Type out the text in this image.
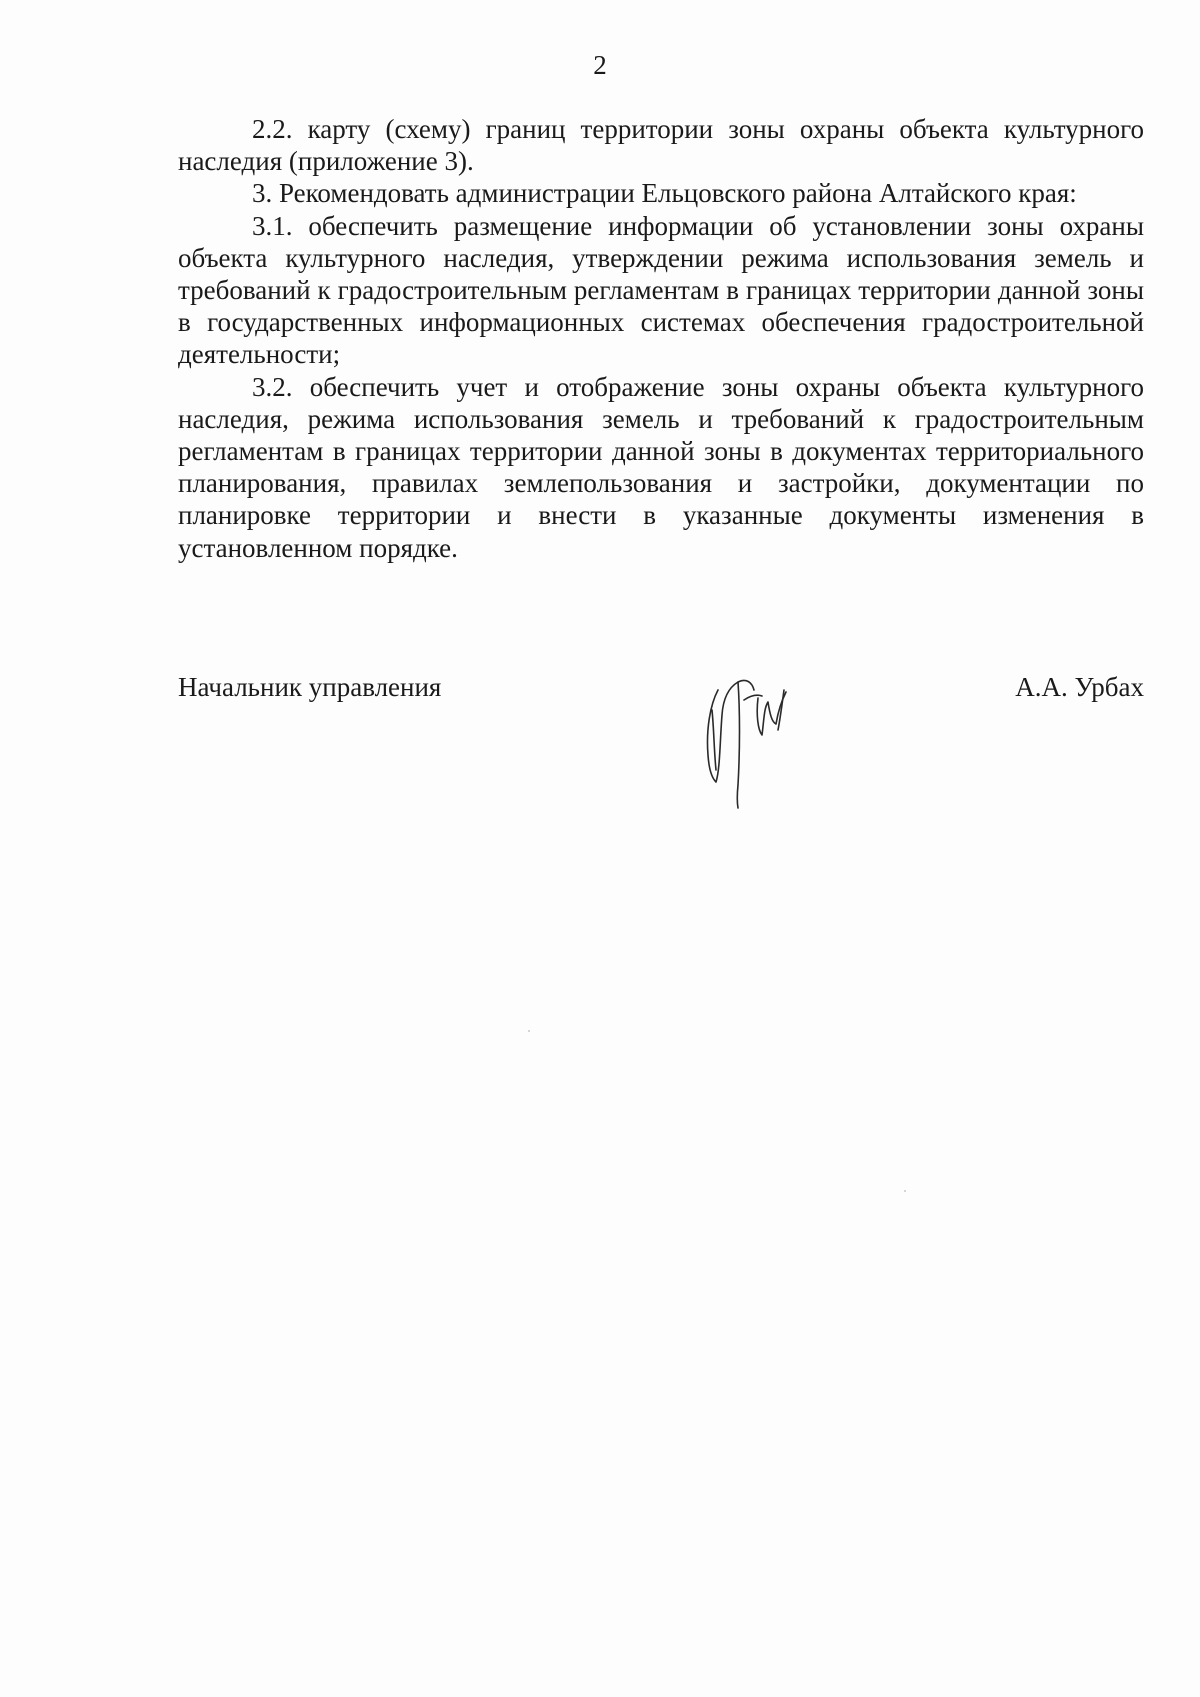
2

2.2. карту (схему) границ территории зоны охраны объекта культурного наследия (приложение 3).

3. Рекомендовать администрации Ельцовского района Алтайского края:

3.1. обеспечить размещение информации об установлении зоны охраны объекта культурного наследия, утверждении режима использования земель и требований к градостроительным регламентам в границах территории данной зоны в государственных информационных системах обеспечения градостроительной деятельности;

3.2. обеспечить учет и отображение зоны охраны объекта культурного наследия, режима использования земель и требований к градостроительным регламентам в границах территории данной зоны в документах территориального планирования, правилах землепользования и застройки, документации по планировке территории и внести в указанные документы изменения в установленном порядке.

Начальник управления	А.А. Урбах
